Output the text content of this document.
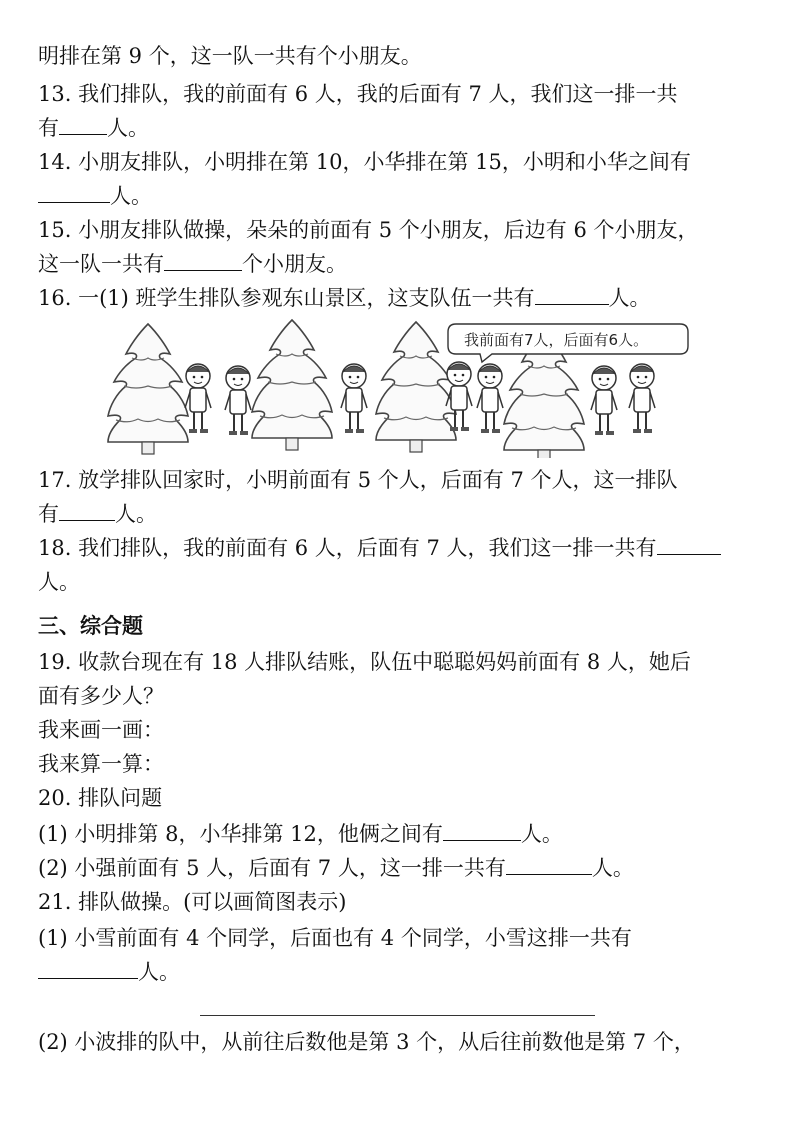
明排在第 9 个，这一队一共有个小朋友。
13. 我们排队，我的前面有 6 人，我的后面有 7 人，我们这一排一共
有 人。
14. 小朋友排队，小明排在第 10，小华排在第 15，小明和小华之间有
人。
15. 小朋友排队做操，朵朵的前面有 5 个小朋友，后边有 6 个小朋友，
这一队一共有	个小朋友。
16. 一(1) 班学生排队参观东山景区，这支队伍一共有	人。
我前面有7人，后面有6人。
17. 放学排队回家时，小明前面有 5 个人，后面有 7 个人，这一排队
有	人。
18. 我们排队，我的前面有 6 人，后面有 7 人，我们这一排一共有
人。
三、综合题
19. 收款台现在有 18 人排队结账，队伍中聪聪妈妈前面有 8 人，她后
面有多少人？
我来画一画：
我来算一算：
20. 排队问题
(1) 小明排第 8，小华排第 12，他俩之间有	人。
(2) 小强前面有 5 人，后面有 7 人，这一排一共有	人。
21. 排队做操。(可以画简图表示)
(1) 小雪前面有 4 个同学，后面也有 4 个同学，小雪这排一共有
人。
(2) 小波排的队中，从前往后数他是第 3 个，从后往前数他是第 7 个，
